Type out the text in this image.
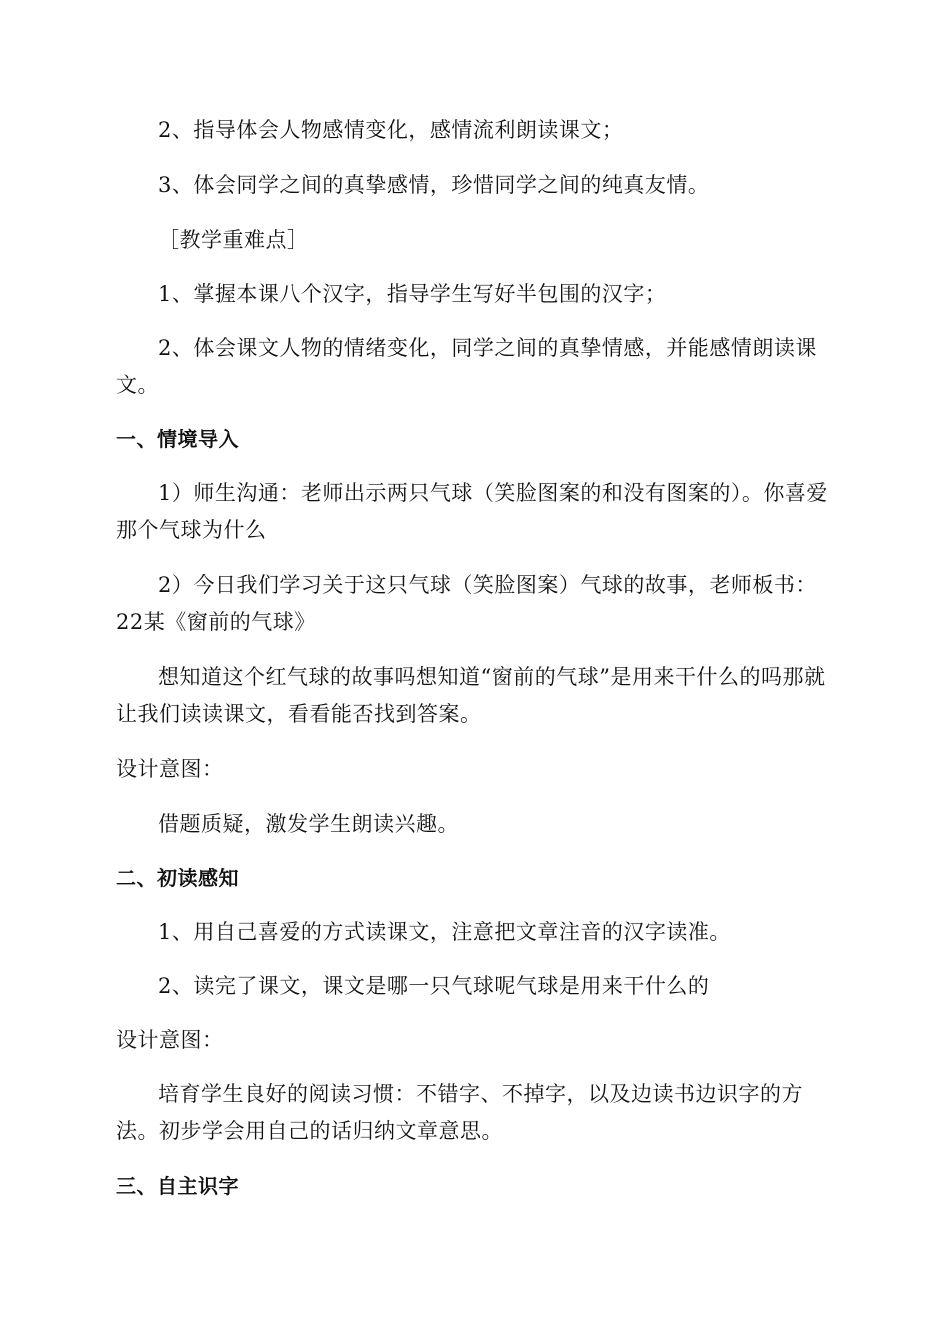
2、指导体会人物感情变化，感情流利朗读课文；

3、体会同学之间的真挚感情，珍惜同学之间的纯真友情。

［教学重难点］

1、掌握本课八个汉字，指导学生写好半包围的汉字；

2、体会课文人物的情绪变化，同学之间的真挚情感，并能感情朗读课文。

一、情境导入

1）师生沟通：老师出示两只气球（笑脸图案的和没有图案的）。你喜爱那个气球为什么

2）今日我们学习关于这只气球（笑脸图案）气球的故事，老师板书：22某《窗前的气球》

想知道这个红气球的故事吗想知道“窗前的气球”是用来干什么的吗那就让我们读读课文，看看能否找到答案。

设计意图：

借题质疑，激发学生朗读兴趣。

二、初读感知

1、用自己喜爱的方式读课文，注意把文章注音的汉字读准。

2、读完了课文，课文是哪一只气球呢气球是用来干什么的

设计意图：

培育学生良好的阅读习惯：不错字、不掉字，以及边读书边识字的方法。初步学会用自己的话归纳文章意思。

三、自主识字
